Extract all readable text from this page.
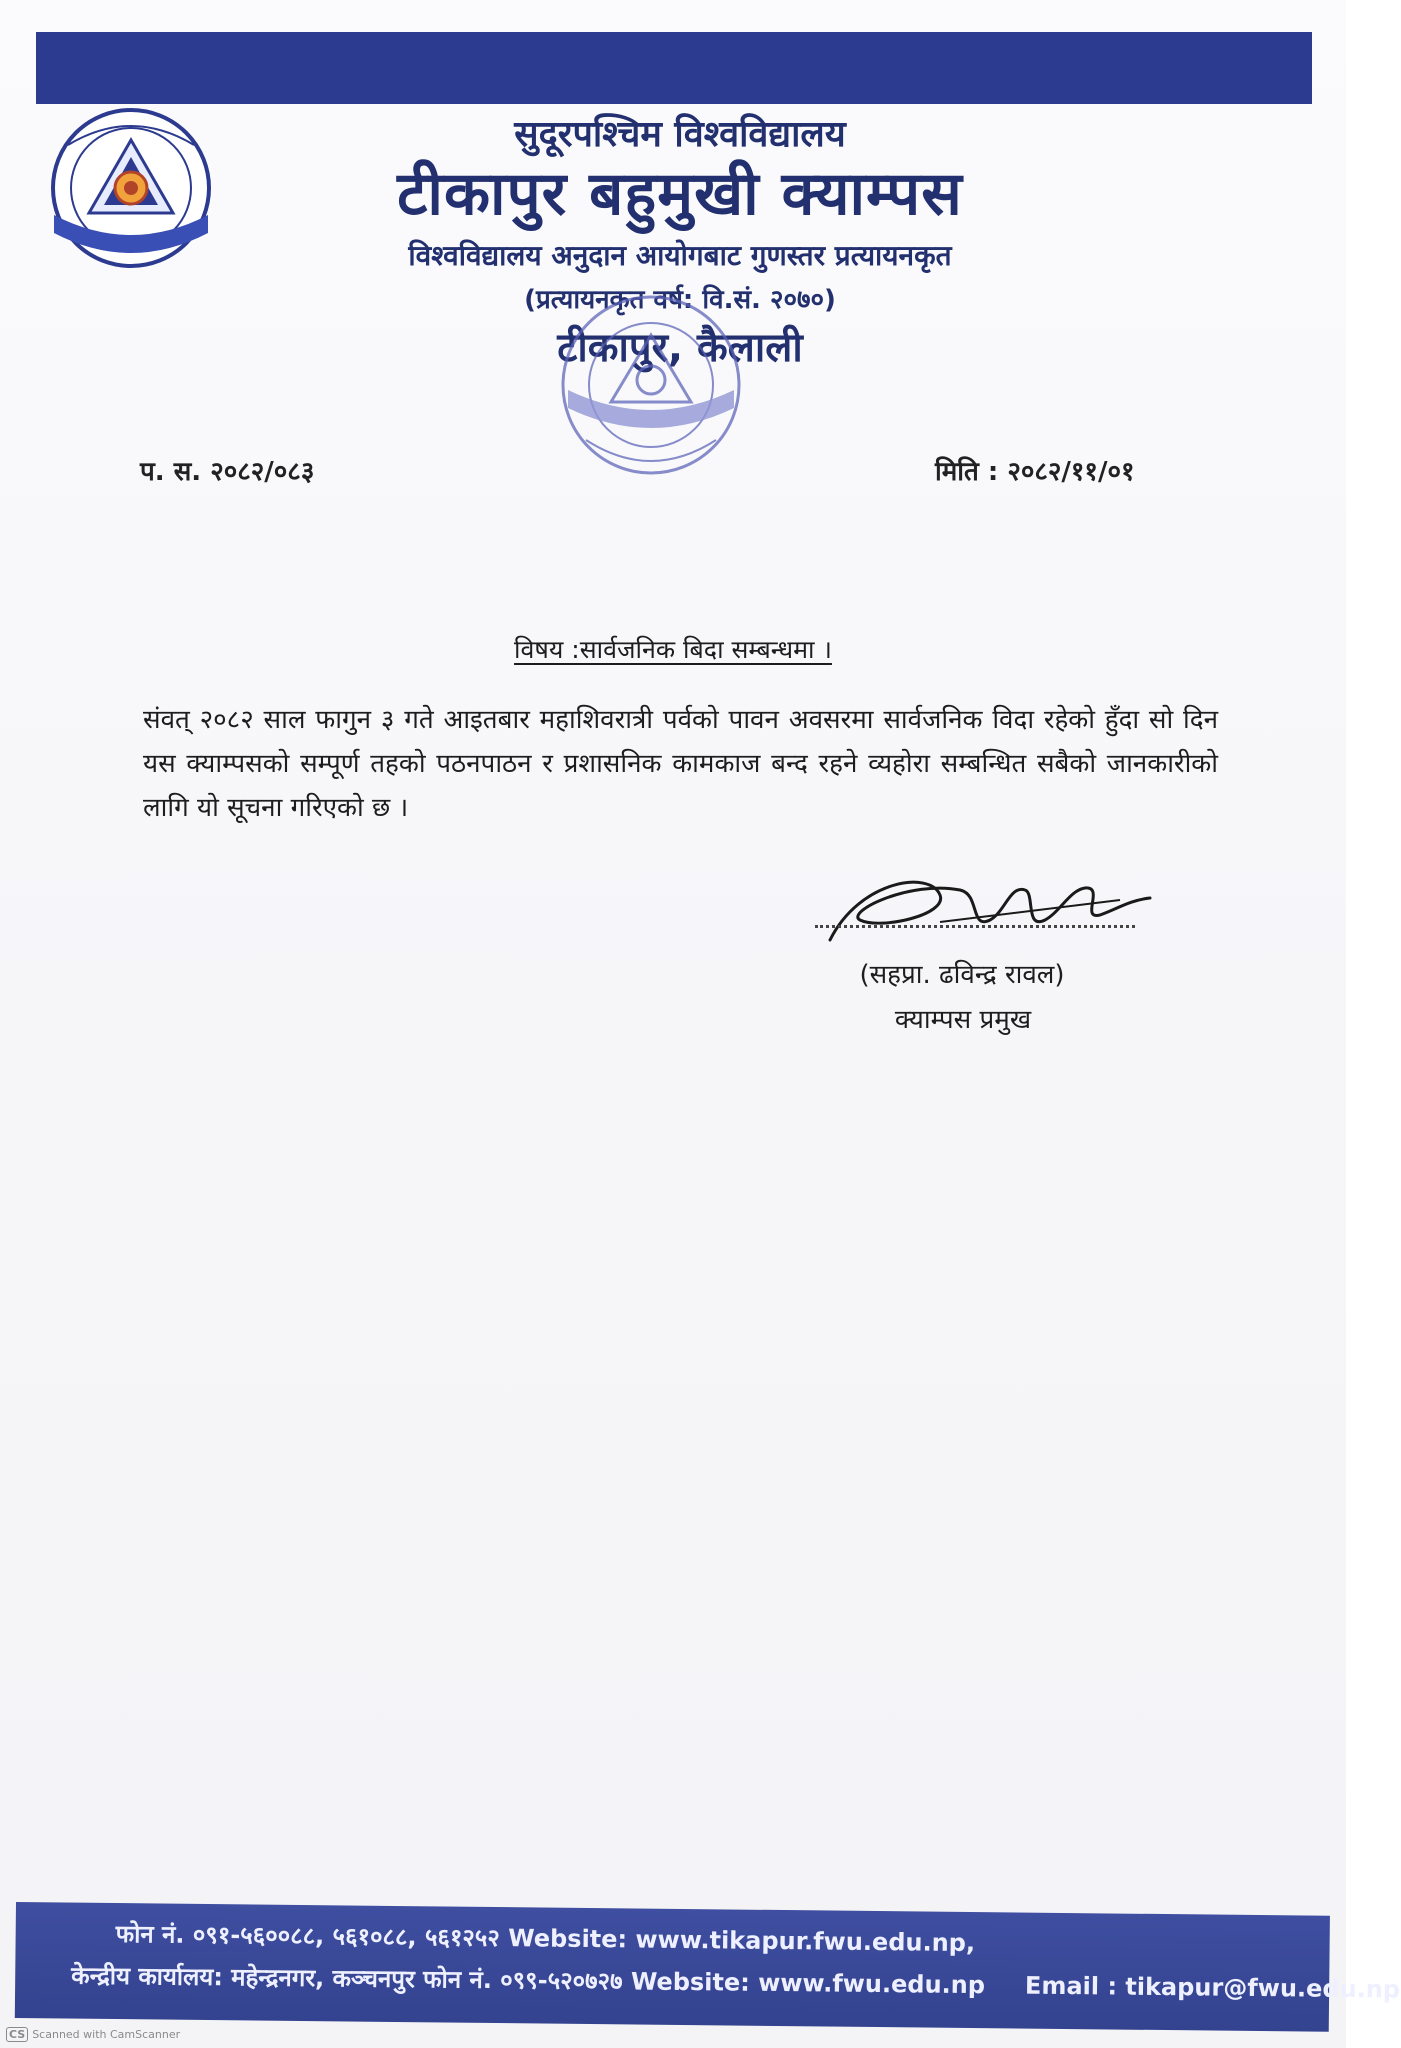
सुदूरपश्चिम विश्वविद्यालय
टीकापुर बहुमुखी क्याम्पस
विश्वविद्यालय अनुदान आयोगबाट गुणस्तर प्रत्यायनकृत
(प्रत्यायनकृत वर्ष: वि.सं. २०७०)
टीकापुर, कैलाली
प. स. २०८२/०८३	मिति : २०८२/११/०१
विषय :सार्वजनिक बिदा सम्बन्धमा ।
संवत् २०८२ साल फागुन ३ गते आइतबार महाशिवरात्री पर्वको पावन अवसरमा सार्वजनिक विदा रहेको हुँदा सो दिन यस क्याम्पसको सम्पूर्ण तहको पठनपाठन र प्रशासनिक कामकाज बन्द रहने व्यहोरा सम्बन्धित सबैको जानकारीको लागि यो सूचना गरिएको छ ।
(सहप्रा. ढविन्द्र रावल)
क्याम्पस प्रमुख
फोन नं. ०९१-५६००८८, ५६१०८८, ५६१२५२ Website: www.tikapur.fwu.edu.np,
केन्द्रीय कार्यालय: महेन्द्रनगर, कञ्चनपुर फोन नं. ०९९-५२०७२७ Website: www.fwu.edu.np Email : tikapur@fwu.edu.np
CS Scanned with CamScanner
